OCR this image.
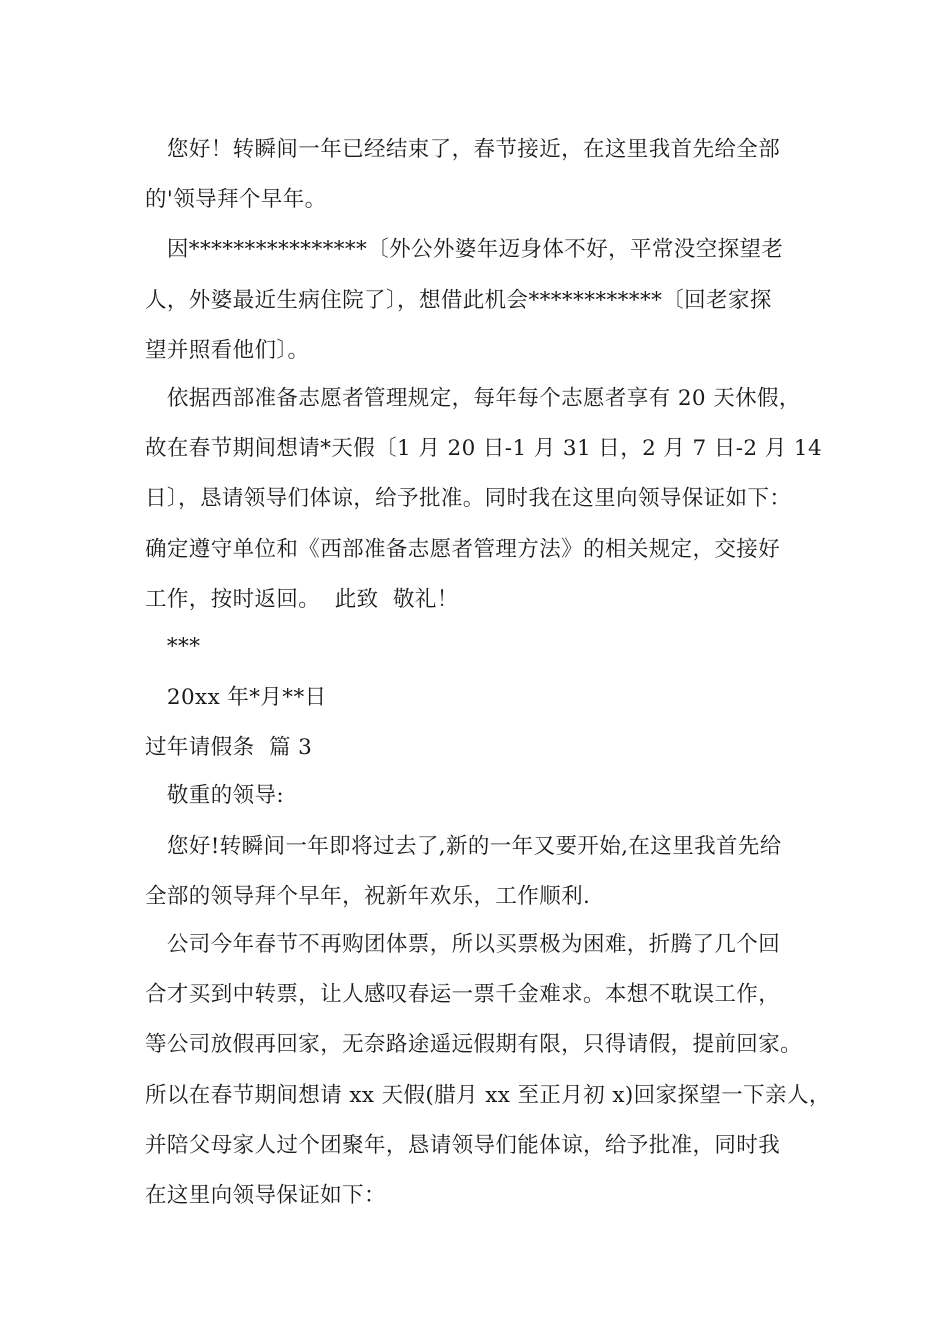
　您好！转瞬间一年已经结束了，春节接近，在这里我首先给全部
的'领导拜个早年。
　因****************〔外公外婆年迈身体不好，平常没空探望老
人，外婆最近生病住院了〕，想借此机会************〔回老家探
望并照看他们〕。
　依据西部准备志愿者管理规定，每年每个志愿者享有 20 天休假，
故在春节期间想请*天假〔1 月 20 日-1 月 31 日，2 月 7 日-2 月 14
日〕，恳请领导们体谅，给予批准。同时我在这里向领导保证如下：
确定遵守单位和《西部准备志愿者管理方法》的相关规定，交接好
工作，按时返回。  此致  敬礼！
　***
　20xx 年*月**日
过年请假条  篇 3
　敬重的领导:
　您好!转瞬间一年即将过去了,新的一年又要开始,在这里我首先给
全部的领导拜个早年，祝新年欢乐，工作顺利.
　公司今年春节不再购团体票，所以买票极为困难，折腾了几个回
合才买到中转票，让人感叹春运一票千金难求。本想不耽误工作，
等公司放假再回家，无奈路途遥远假期有限，只得请假，提前回家。
所以在春节期间想请 xx 天假(腊月 xx 至正月初 x)回家探望一下亲人，
并陪父母家人过个团聚年，恳请领导们能体谅，给予批准，同时我
在这里向领导保证如下：
